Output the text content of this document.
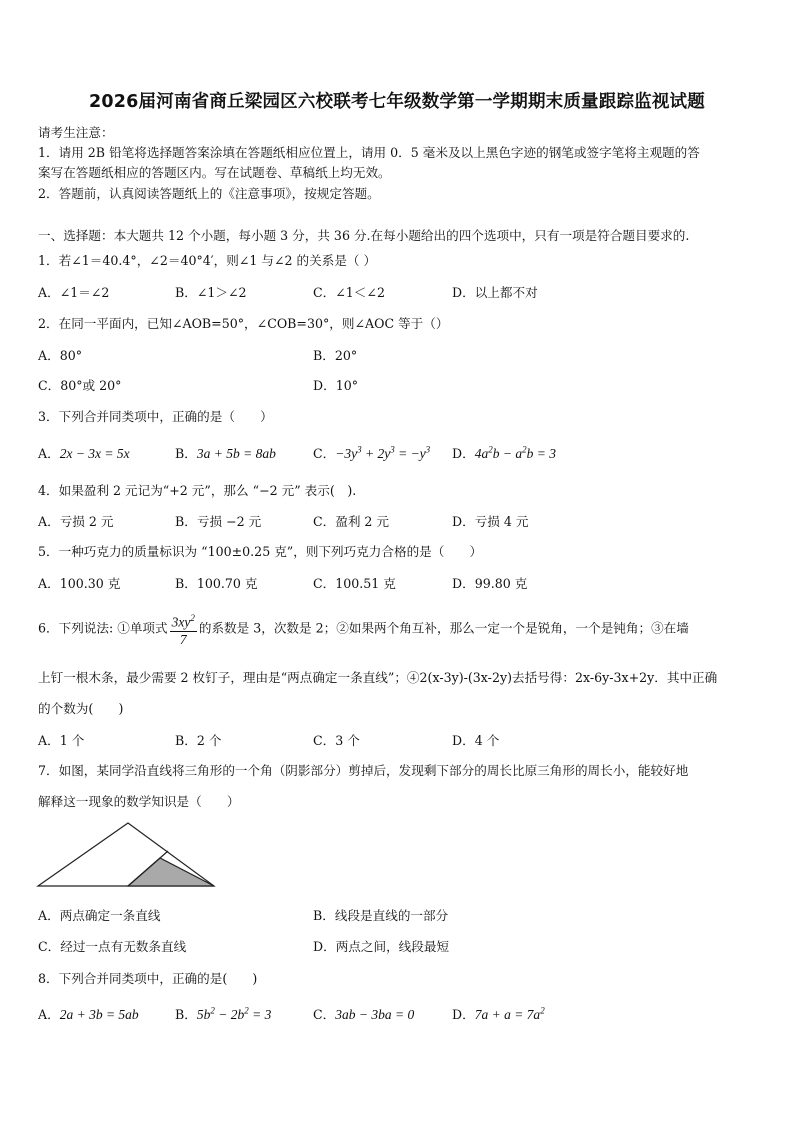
2026届河南省商丘梁园区六校联考七年级数学第一学期期末质量跟踪监视试题
请考生注意：
1．请用 2B 铅笔将选择题答案涂填在答题纸相应位置上，请用 0．5 毫米及以上黑色字迹的钢笔或签字笔将主观题的答
案写在答题纸相应的答题区内。写在试题卷、草稿纸上均无效。
2．答题前，认真阅读答题纸上的《注意事项》，按规定答题。
一、选择题：本大题共 12 个小题，每小题 3 分，共 36 分.在每小题给出的四个选项中，只有一项是符合题目要求的.
1．若∠1＝40.4°，∠2＝40°4′，则∠1 与∠2 的关系是（ ）
A．∠1＝∠2	B．∠1＞∠2	C．∠1＜∠2	D．以上都不对
2．在同一平面内，已知∠AOB=50°，∠COB=30°，则∠AOC 等于（）
A．80°	B．20°
C．80°或 20°	D．10°
3．下列合并同类项中，正确的是（　　）
A．2x − 3x = 5x	B．3a + 5b = 8ab	C．$-3y^3 + 2y^3 = -y^3$ D．$4a^2b - a^2b = 3$
4．如果盈利 2 元记为“+2 元”，那么 “−2 元” 表示(　).
A．亏损 2 元	B．亏损 −2 元	C．盈利 2 元	D．亏损 4 元
5．一种巧克力的质量标识为 “100±0.25 克”，则下列巧克力合格的是（　　）
A．100.30 克	B．100.70 克	C．100.51 克	D．99.80 克
6．下列说法: ①单项式 $\frac{3xy^2}{7}$ 的系数是 3，次数是 2；②如果两个角互补，那么一定一个是锐角，一个是钝角；③在墙
上钉一根木条，最少需要 2 枚钉子，理由是“两点确定一条直线”；④2(x-3y)-(3x-2y)去括号得：2x-6y-3x+2y．其中正确
的个数为(　　)
A．1 个	B．2 个	C．3 个	D．4 个
7．如图，某同学沿直线将三角形的一个角（阴影部分）剪掉后，发现剩下部分的周长比原三角形的周长小，能较好地
解释这一现象的数学知识是（　　）
A．两点确定一条直线	B．线段是直线的一部分
C．经过一点有无数条直线	D．两点之间，线段最短
8．下列合并同类项中，正确的是(　　)
A．2a + 3b = 5ab	B．$5b^2 - 2b^2 = 3$	C．3ab − 3ba = 0	D．$7a + a = 7a^2$
